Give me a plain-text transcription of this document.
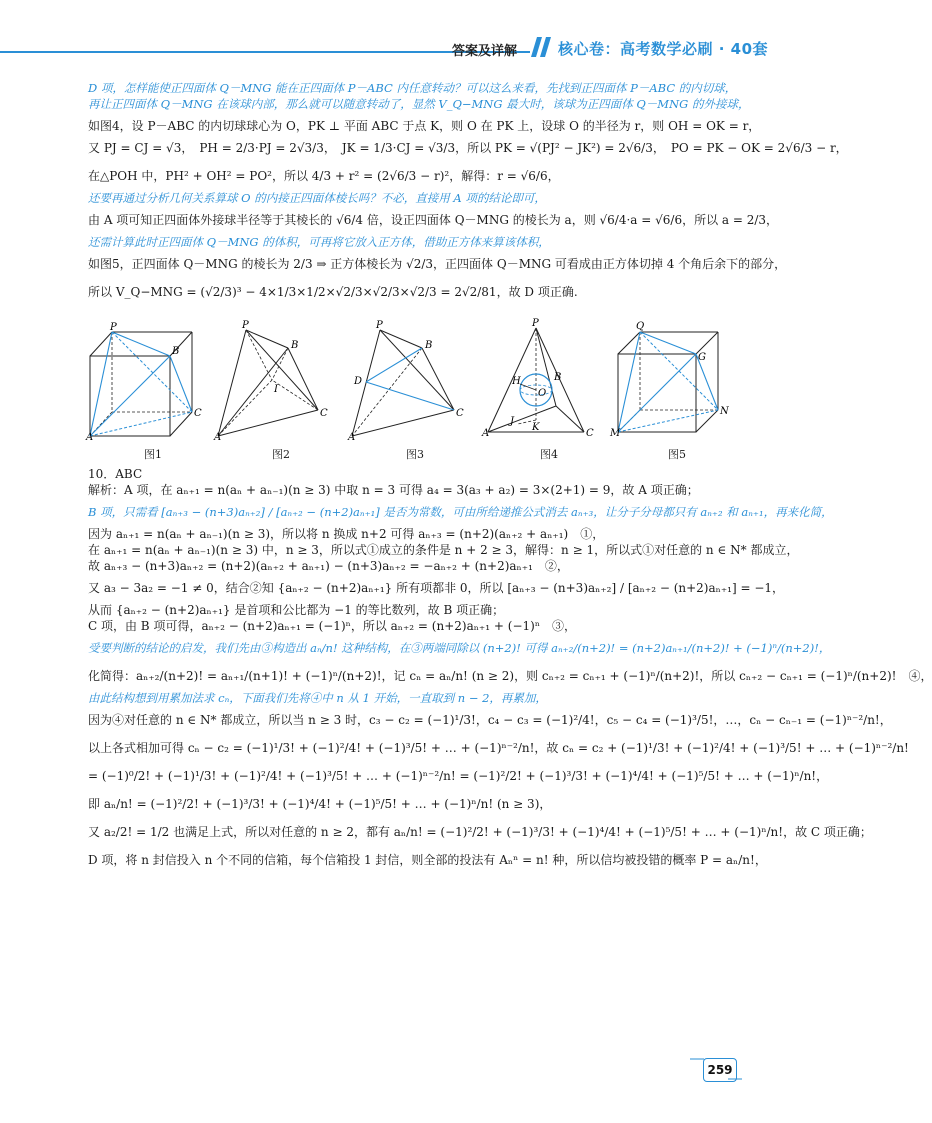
答案及详解	核心卷：高考数学必刷 · 40套

D 项，怎样能使正四面体 Q－MNG 能在正四面体 P－ABC 内任意转动？可以这么来看，先找到正四面体 P－ABC 的内切球，

再让正四面体 Q－MNG 在该球内部，那么就可以随意转动了，显然 V_Q−MNG 最大时，该球为正四面体 Q－MNG 的外接球，

如图4，设 P－ABC 的内切球球心为 O，PK ⊥ 平面 ABC 于点 K，则 O 在 PK 上，设球 O 的半径为 r，则 OH = OK = r，

又 PJ = CJ = √3，　PH = 2/3·PJ = 2√3/3，　JK = 1/3·CJ = √3/3，所以 PK = √(PJ² − JK²) = 2√6/3，　PO = PK − OK = 2√6/3 − r，

在△POH 中，PH² + OH² = PO²，所以 4/3 + r² = (2√6/3 − r)²，解得：r = √6/6，

还要再通过分析几何关系算球 O 的内接正四面体棱长吗？不必，直接用 A 项的结论即可，

由 A 项可知正四面体外接球半径等于其棱长的 √6/4 倍，设正四面体 Q－MNG 的棱长为 a，则 √6/4·a = √6/6，所以 a = 2/3，

还需计算此时正四面体 Q－MNG 的体积，可再将它放入正方体，借助正方体来算该体积，

如图5，正四面体 Q－MNG 的棱长为 2/3 ⇒ 正方体棱长为 √2/3，正四面体 Q－MNG 可看成由正方体切掉 4 个角后余下的部分，

所以 V_Q−MNG = (√2/3)³ − 4×1/3×1/2×√2/3×√2/3×√2/3 = 2√2/81，故 D 项正确.

P
B
C
A
图1
P
B
I
C
A
图2
P
B
D
C
A
图3
P
H
O
B
J
K
C
A
图4
Q
G
N
M
图5

10．ABC

解析：A 项，在 aₙ₊₁ = n(aₙ + aₙ₋₁)(n ≥ 3) 中取 n = 3 可得 a₄ = 3(a₃ + a₂) = 3×(2+1) = 9，故 A 项正确；

B 项，只需看 [aₙ₊₃ − (n+3)aₙ₊₂] / [aₙ₊₂ − (n+2)aₙ₊₁] 是否为常数，可由所给递推公式消去 aₙ₊₃，让分子分母都只有 aₙ₊₂ 和 aₙ₊₁，再来化简，

因为 aₙ₊₁ = n(aₙ + aₙ₋₁)(n ≥ 3)，所以将 n 换成 n+2 可得 aₙ₊₃ = (n+2)(aₙ₊₂ + aₙ₊₁)　①，

在 aₙ₊₁ = n(aₙ + aₙ₋₁)(n ≥ 3) 中，n ≥ 3，所以式①成立的条件是 n + 2 ≥ 3，解得：n ≥ 1，所以式①对任意的 n ∈ N* 都成立，

故 aₙ₊₃ − (n+3)aₙ₊₂ = (n+2)(aₙ₊₂ + aₙ₊₁) − (n+3)aₙ₊₂ = −aₙ₊₂ + (n+2)aₙ₊₁　②，

又 a₃ − 3a₂ = −1 ≠ 0，结合②知 {aₙ₊₂ − (n+2)aₙ₊₁} 所有项都非 0，所以 [aₙ₊₃ − (n+3)aₙ₊₂] / [aₙ₊₂ − (n+2)aₙ₊₁] = −1，

从而 {aₙ₊₂ − (n+2)aₙ₊₁} 是首项和公比都为 −1 的等比数列，故 B 项正确；

C 项，由 B 项可得，aₙ₊₂ − (n+2)aₙ₊₁ = (−1)ⁿ，所以 aₙ₊₂ = (n+2)aₙ₊₁ + (−1)ⁿ　③，

受要判断的结论的启发，我们先由③构造出 aₙ/n! 这种结构，在③两端同除以 (n+2)! 可得 aₙ₊₂/(n+2)! = (n+2)aₙ₊₁/(n+2)! + (−1)ⁿ/(n+2)!，

化简得：aₙ₊₂/(n+2)! = aₙ₊₁/(n+1)! + (−1)ⁿ/(n+2)!，记 cₙ = aₙ/n! (n ≥ 2)，则 cₙ₊₂ = cₙ₊₁ + (−1)ⁿ/(n+2)!，所以 cₙ₊₂ − cₙ₊₁ = (−1)ⁿ/(n+2)!　④，

由此结构想到用累加法求 cₙ，下面我们先将④中 n 从 1 开始，一直取到 n − 2，再累加，

因为④对任意的 n ∈ N* 都成立，所以当 n ≥ 3 时，c₃ − c₂ = (−1)¹/3!，c₄ − c₃ = (−1)²/4!，c₅ − c₄ = (−1)³/5!，…，cₙ − cₙ₋₁ = (−1)ⁿ⁻²/n!，

以上各式相加可得 cₙ − c₂ = (−1)¹/3! + (−1)²/4! + (−1)³/5! + … + (−1)ⁿ⁻²/n!，故 cₙ = c₂ + (−1)¹/3! + (−1)²/4! + (−1)³/5! + … + (−1)ⁿ⁻²/n!

= (−1)⁰/2! + (−1)¹/3! + (−1)²/4! + (−1)³/5! + … + (−1)ⁿ⁻²/n! = (−1)²/2! + (−1)³/3! + (−1)⁴/4! + (−1)⁵/5! + … + (−1)ⁿ/n!，

即 aₙ/n! = (−1)²/2! + (−1)³/3! + (−1)⁴/4! + (−1)⁵/5! + … + (−1)ⁿ/n! (n ≥ 3)，

又 a₂/2! = 1/2 也满足上式，所以对任意的 n ≥ 2，都有 aₙ/n! = (−1)²/2! + (−1)³/3! + (−1)⁴/4! + (−1)⁵/5! + … + (−1)ⁿ/n!，故 C 项正确；

D 项，将 n 封信投入 n 个不同的信箱，每个信箱投 1 封信，则全部的投法有 Aₙⁿ = n! 种，所以信均被投错的概率 P = aₙ/n!，

259
